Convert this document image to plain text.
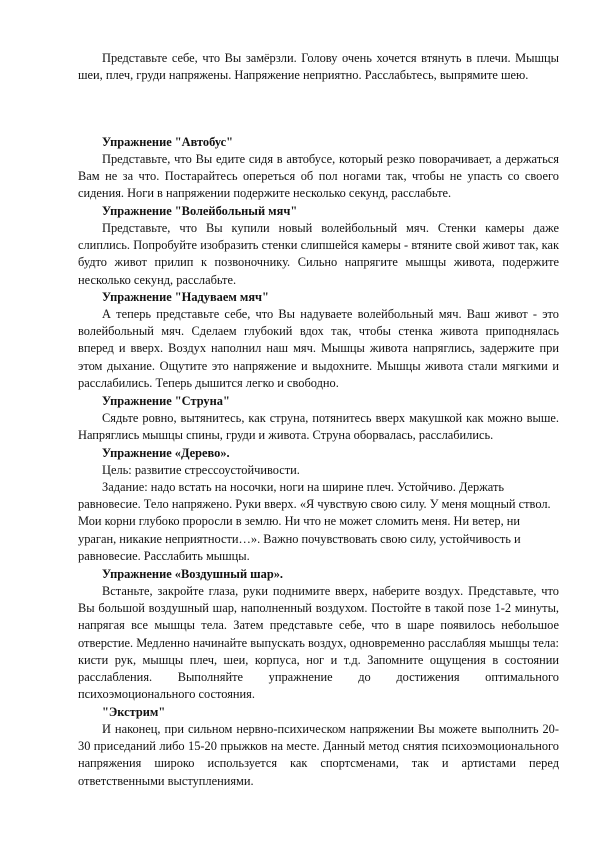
Представьте себе, что Вы замёрзли. Голову очень хочется втянуть в плечи. Мышцы шеи, плеч, груди напряжены. Напряжение неприятно. Расслабьтесь, выпрямите шею.

Упражнение "Автобус"

Представьте, что Вы едите сидя в автобусе, который резко поворачивает, а держаться Вам не за что. Постарайтесь опереться об пол ногами так, чтобы не упасть со своего сидения. Ноги в напряжении подержите несколько секунд, расслабьте.

Упражнение "Волейбольный мяч"

Представьте, что Вы купили новый волейбольный мяч. Стенки камеры даже слиплись. Попробуйте изобразить стенки слипшейся камеры - втяните свой живот так, как будто живот прилип к позвоночнику. Сильно напрягите мышцы живота, подержите несколько секунд, расслабьте.

Упражнение "Надуваем мяч"

А теперь представьте себе, что Вы надуваете волейбольный мяч. Ваш живот - это волейбольный мяч. Сделаем глубокий вдох так, чтобы стенка живота приподнялась вперед и вверх. Воздух наполнил наш мяч. Мышцы живота напряглись, задержите при этом дыхание. Ощутите это напряжение и выдохните. Мышцы живота стали мягкими и расслабились. Теперь дышится легко и свободно.

Упражнение "Струна"

Сядьте ровно, вытянитесь, как струна, потянитесь вверх макушкой как можно выше. Напряглись мышцы спины, груди и живота. Струна оборвалась, расслабились.

Упражнение «Дерево».

Цель: развитие стрессоустойчивости.

Задание: надо встать на носочки, ноги на ширине плеч. Устойчиво. Держать равновесие. Тело напряжено. Руки вверх. «Я чувствую свою силу. У меня мощный ствол. Мои корни глубоко проросли в землю. Ни что не может сломить меня. Ни ветер, ни ураган, никакие неприятности…». Важно почувствовать свою силу, устойчивость и равновесие. Расслабить мышцы.

Упражнение «Воздушный шар».

Встаньте, закройте глаза, руки поднимите вверх, наберите воздух. Представьте, что Вы большой воздушный шар, наполненный воздухом. Постойте в такой позе 1-2 минуты, напрягая все мышцы тела. Затем представьте себе, что в шаре появилось небольшое отверстие. Медленно начинайте выпускать воздух, одновременно расслабляя мышцы тела: кисти рук, мышцы плеч, шеи, корпуса, ног и т.д. Запомните ощущения в состоянии расслабления. Выполняйте упражнение до достижения оптимального психоэмоционального состояния.

"Экстрим"

И наконец, при сильном нервно-психическом напряжении Вы можете выполнить 20-30 приседаний либо 15-20 прыжков на месте. Данный метод снятия психоэмоционального напряжения широко используется как спортсменами, так и артистами перед ответственными выступлениями.
